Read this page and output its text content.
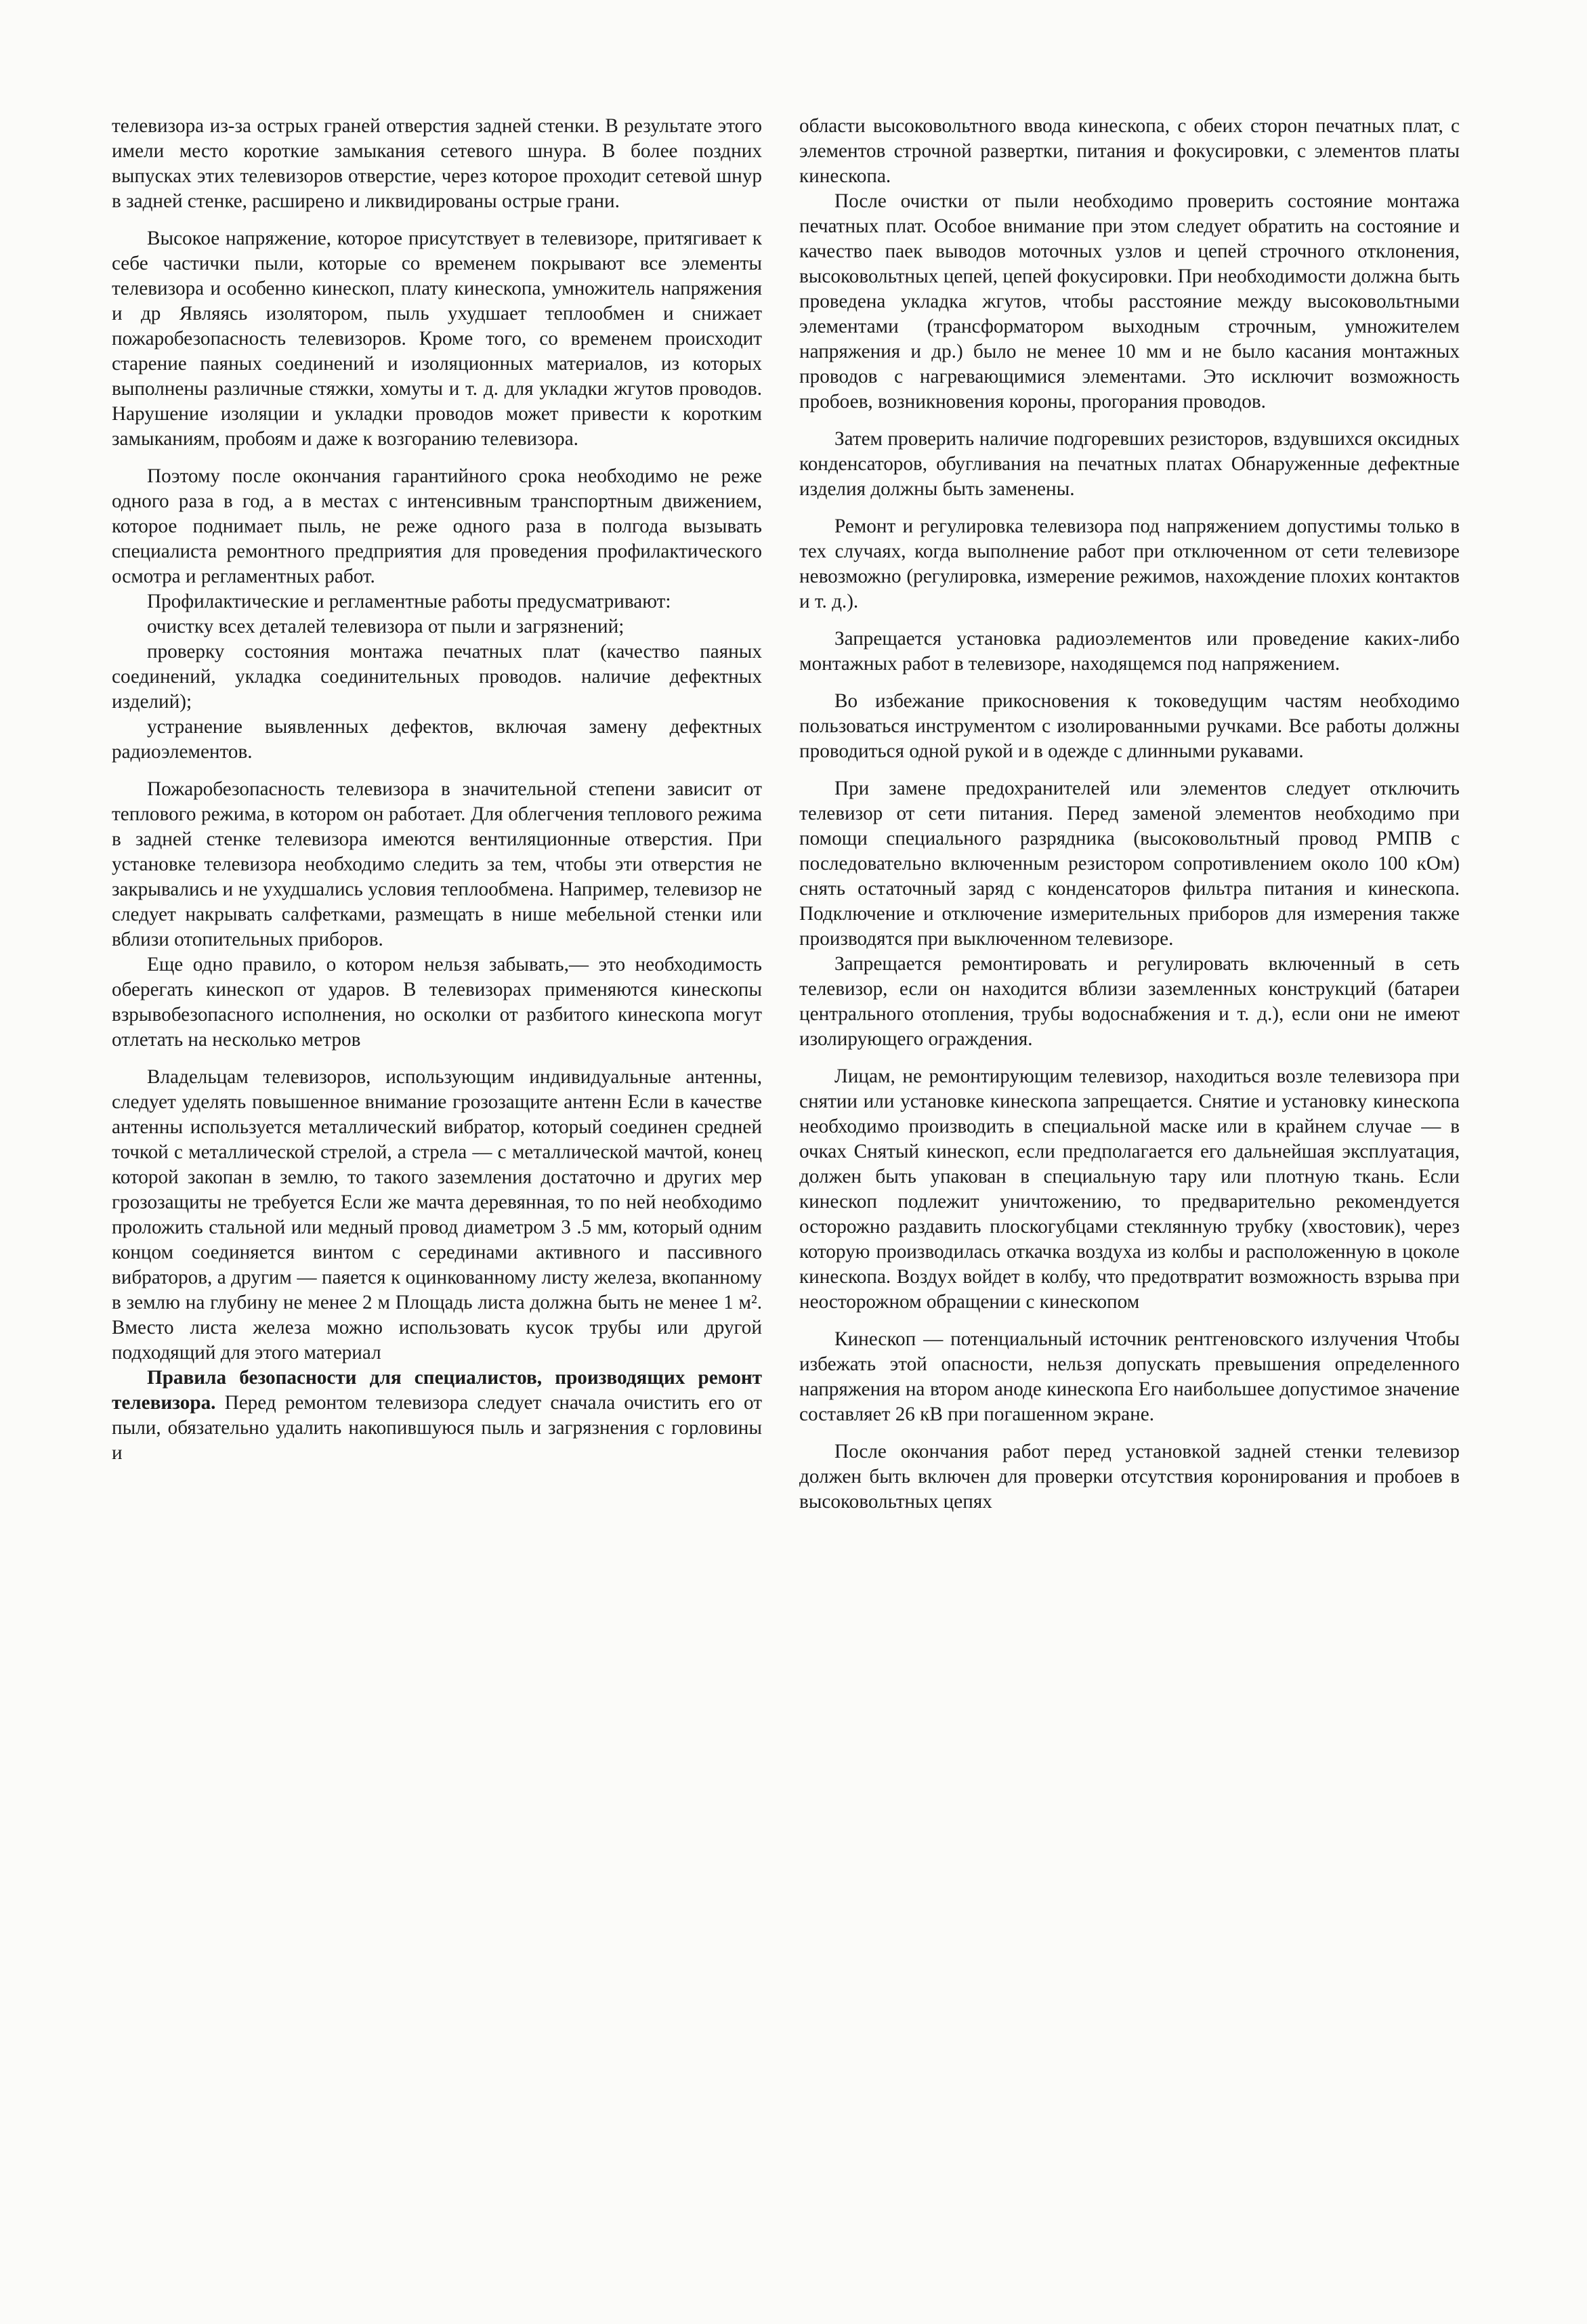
телевизора из-за острых граней отверстия задней стенки. В результате этого имели место короткие замыкания сетевого шнура. В более поздних выпусках этих телевизоров отверстие, через которое проходит сетевой шнур в задней стенке, расширено и ликвидированы острые грани.

Высокое напряжение, которое присутствует в телевизоре, притягивает к себе частички пыли, которые со временем покрывают все элементы телевизора и особенно кинескоп, плату кинескопа, умножитель напряжения и др Являясь изолятором, пыль ухудшает теплообмен и снижает пожаробезопасность телевизоров. Кроме того, со временем происходит старение паяных соединений и изоляционных материалов, из которых выполнены различные стяжки, хомуты и т. д. для укладки жгутов проводов. Нарушение изоляции и укладки проводов может привести к коротким замыканиям, пробоям и даже к возгоранию телевизора.

Поэтому после окончания гарантийного срока необходимо не реже одного раза в год, а в местах с интенсивным транспортным движением, которое поднимает пыль, не реже одного раза в полгода вызывать специалиста ремонтного предприятия для проведения профилактического осмотра и регламентных работ.

Профилактические и регламентные работы предусматривают:

очистку всех деталей телевизора от пыли и загрязнений;

проверку состояния монтажа печатных плат (качество паяных соединений, укладка соединительных проводов. наличие дефектных изделий);

устранение выявленных дефектов, включая замену дефектных радиоэлементов.

Пожаробезопасность телевизора в значительной степени зависит от теплового режима, в котором он работает. Для облегчения теплового режима в задней стенке телевизора имеются вентиляционные отверстия. При установке телевизора необходимо следить за тем, чтобы эти отверстия не закрывались и не ухудшались условия теплообмена. Например, телевизор не следует накрывать салфетками, размещать в нише мебельной стенки или вблизи отопительных приборов.

Еще одно правило, о котором нельзя забывать,— это необходимость оберегать кинескоп от ударов. В телевизорах применяются кинескопы взрывобезопасного исполнения, но осколки от разбитого кинескопа могут отлетать на несколько метров

Владельцам телевизоров, использующим индивидуальные антенны, следует уделять повышенное внимание грозозащите антенн Если в качестве антенны используется металлический вибратор, который соединен средней точкой с металлической стрелой, а стрела — с металлической мачтой, конец которой закопан в землю, то такого заземления достаточно и других мер грозозащиты не требуется Если же мачта деревянная, то по ней необходимо проложить стальной или медный провод диаметром 3 .5 мм, который одним концом соединяется винтом с серединами активного и пассивного вибраторов, а другим — паяется к оцинкованному листу железа, вкопанному в землю на глубину не менее 2 м Площадь листа должна быть не менее 1 м². Вместо листа железа можно использовать кусок трубы или другой подходящий для этого материал

Правила безопасности для специалистов, производящих ремонт телевизора. Перед ремонтом телевизора следует сначала очистить его от пыли, обязательно удалить накопившуюся пыль и загрязнения с горловины и

области высоковольтного ввода кинескопа, с обеих сторон печатных плат, с элементов строчной развертки, питания и фокусировки, с элементов платы кинескопа.

После очистки от пыли необходимо проверить состояние монтажа печатных плат. Особое внимание при этом следует обратить на состояние и качество паек выводов моточных узлов и цепей строчного отклонения, высоковольтных цепей, цепей фокусировки. При необходимости должна быть проведена укладка жгутов, чтобы расстояние между высоковольтными элементами (трансформатором выходным строчным, умножителем напряжения и др.) было не менее 10 мм и не было касания монтажных проводов с нагревающимися элементами. Это исключит возможность пробоев, возникновения короны, прогорания проводов.

Затем проверить наличие подгоревших резисторов, вздувшихся оксидных конденсаторов, обугливания на печатных платах Обнаруженные дефектные изделия должны быть заменены.

Ремонт и регулировка телевизора под напряжением допустимы только в тех случаях, когда выполнение работ при отключенном от сети телевизоре невозможно (регулировка, измерение режимов, нахождение плохих контактов и т. д.).

Запрещается установка радиоэлементов или проведение каких-либо монтажных работ в телевизоре, находящемся под напряжением.

Во избежание прикосновения к токоведущим частям необходимо пользоваться инструментом с изолированными ручками. Все работы должны проводиться одной рукой и в одежде с длинными рукавами.

При замене предохранителей или элементов следует отключить телевизор от сети питания. Перед заменой элементов необходимо при помощи специального разрядника (высоковольтный провод РМПВ с последовательно включенным резистором сопротивлением около 100 кОм) снять остаточный заряд с конденсаторов фильтра питания и кинескопа. Подключение и отключение измерительных приборов для измерения также производятся при выключенном телевизоре.

Запрещается ремонтировать и регулировать включенный в сеть телевизор, если он находится вблизи заземленных конструкций (батареи центрального отопления, трубы водоснабжения и т. д.), если они не имеют изолирующего ограждения.

Лицам, не ремонтирующим телевизор, находиться возле телевизора при снятии или установке кинескопа запрещается. Снятие и установку кинескопа необходимо производить в специальной маске или в крайнем случае — в очках Снятый кинескоп, если предполагается его дальнейшая эксплуатация, должен быть упакован в специальную тару или плотную ткань. Если кинескоп подлежит уничтожению, то предварительно рекомендуется осторожно раздавить плоскогубцами стеклянную трубку (хвостовик), через которую производилась откачка воздуха из колбы и расположенную в цоколе кинескопа. Воздух войдет в колбу, что предотвратит возможность взрыва при неосторожном обращении с кинескопом

Кинескоп — потенциальный источник рентгеновского излучения Чтобы избежать этой опасности, нельзя допускать превышения определенного напряжения на втором аноде кинескопа Его наибольшее допустимое значение составляет 26 кВ при погашенном экране.

После окончания работ перед установкой задней стенки телевизор должен быть включен для проверки отсутствия коронирования и пробоев в высоковольтных цепях
